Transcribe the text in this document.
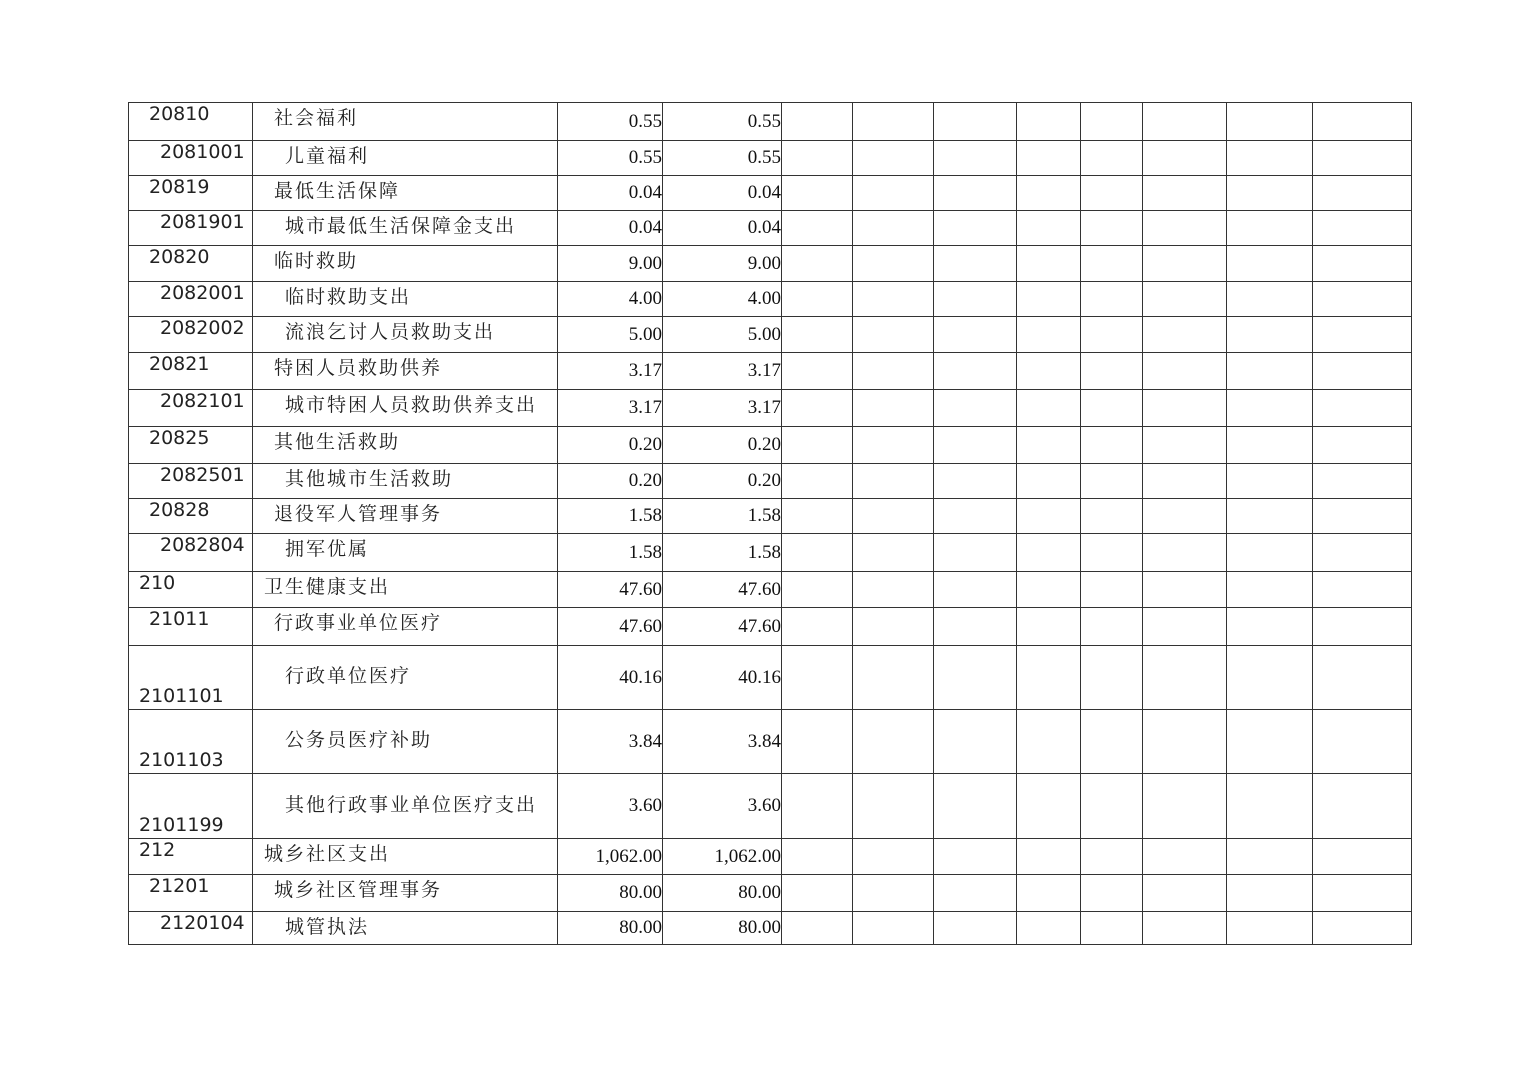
20810	社会福利	0.55	0.55								
2081001	儿童福利	0.55	0.55								
20819	最低生活保障	0.04	0.04								
2081901	城市最低生活保障金支出	0.04	0.04								
20820	临时救助	9.00	9.00								
2082001	临时救助支出	4.00	4.00								
2082002	流浪乞讨人员救助支出	5.00	5.00								
20821	特困人员救助供养	3.17	3.17								
2082101	城市特困人员救助供养支出	3.17	3.17								
20825	其他生活救助	0.20	0.20								
2082501	其他城市生活救助	0.20	0.20								
20828	退役军人管理事务	1.58	1.58								
2082804	拥军优属	1.58	1.58								
210	卫生健康支出	47.60	47.60								
21011	行政事业单位医疗	47.60	47.60								
2101101	行政单位医疗	40.16	40.16								
2101103	公务员医疗补助	3.84	3.84								
2101199	其他行政事业单位医疗支出	3.60	3.60								
212	城乡社区支出	1,062.00	1,062.00								
21201	城乡社区管理事务	80.00	80.00								
2120104	城管执法	80.00	80.00								
